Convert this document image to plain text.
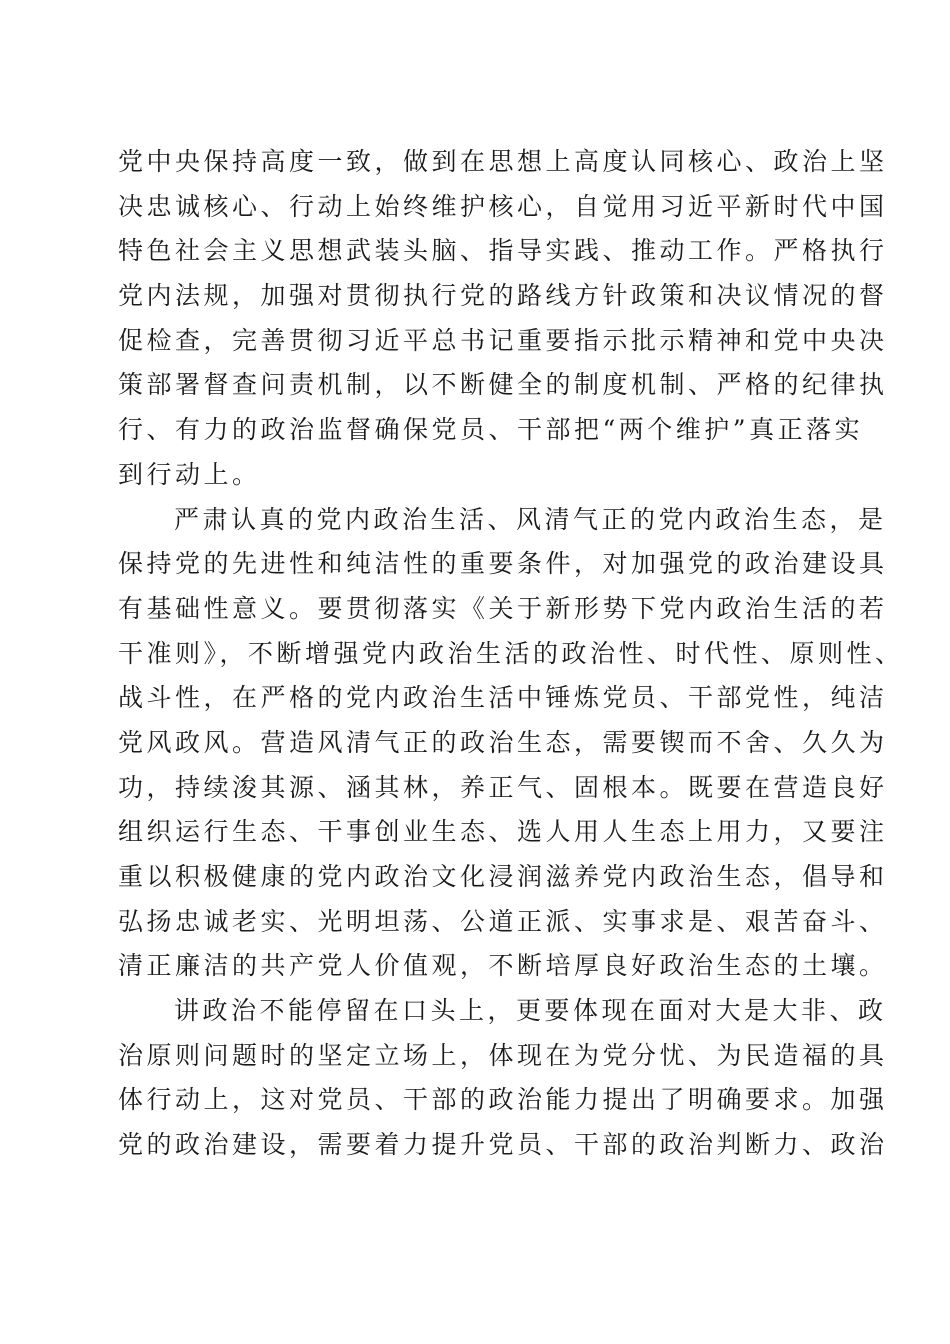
党中央保持高度一致，做到在思想上高度认同核心、政治上坚
决忠诚核心、行动上始终维护核心，自觉用习近平新时代中国
特色社会主义思想武装头脑、指导实践、推动工作。严格执行
党内法规，加强对贯彻执行党的路线方针政策和决议情况的督
促检查，完善贯彻习近平总书记重要指示批示精神和党中央决
策部署督查问责机制，以不断健全的制度机制、严格的纪律执
行、有力的政治监督确保党员、干部把“两个维护”真正落实
到行动上。
严肃认真的党内政治生活、风清气正的党内政治生态，是
保持党的先进性和纯洁性的重要条件，对加强党的政治建设具
有基础性意义。要贯彻落实《关于新形势下党内政治生活的若
干准则》，不断增强党内政治生活的政治性、时代性、原则性、
战斗性，在严格的党内政治生活中锤炼党员、干部党性，纯洁
党风政风。营造风清气正的政治生态，需要锲而不舍、久久为
功，持续浚其源、涵其林，养正气、固根本。既要在营造良好
组织运行生态、干事创业生态、选人用人生态上用力，又要注
重以积极健康的党内政治文化浸润滋养党内政治生态，倡导和
弘扬忠诚老实、光明坦荡、公道正派、实事求是、艰苦奋斗、
清正廉洁的共产党人价值观，不断培厚良好政治生态的土壤。
讲政治不能停留在口头上，更要体现在面对大是大非、政
治原则问题时的坚定立场上，体现在为党分忧、为民造福的具
体行动上，这对党员、干部的政治能力提出了明确要求。加强
党的政治建设，需要着力提升党员、干部的政治判断力、政治
